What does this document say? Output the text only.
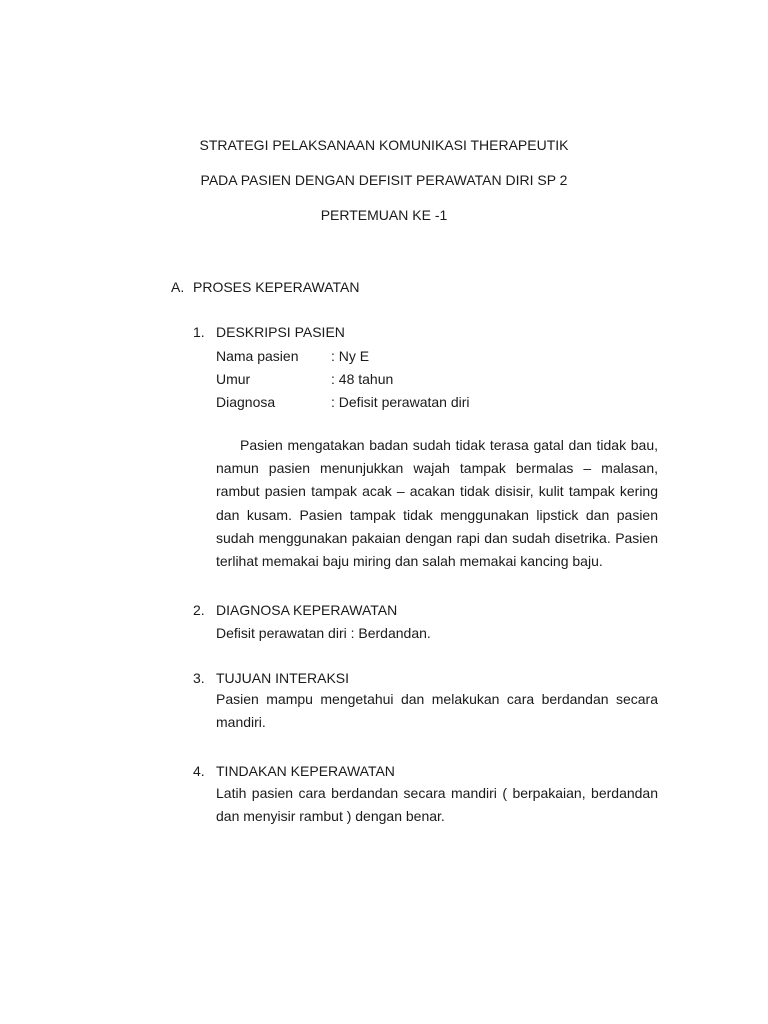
STRATEGI PELAKSANAAN KOMUNIKASI THERAPEUTIK
PADA PASIEN DENGAN DEFISIT PERAWATAN DIRI SP 2
PERTEMUAN KE -1
A. PROSES KEPERAWATAN
1. DESKRIPSI PASIEN
Nama pasien : Ny E
Umur	: 48 tahun
Diagnosa	: Defisit perawatan diri
Pasien mengatakan badan sudah tidak terasa gatal dan tidak bau, namun pasien menunjukkan wajah tampak bermalas – malasan, rambut pasien tampak acak – acakan tidak disisir, kulit tampak kering dan kusam. Pasien tampak tidak menggunakan lipstick dan pasien sudah menggunakan pakaian dengan rapi dan sudah disetrika. Pasien terlihat memakai baju miring dan salah memakai kancing baju.
2. DIAGNOSA KEPERAWATAN
Defisit perawatan diri : Berdandan.
3. TUJUAN INTERAKSI
Pasien mampu mengetahui dan melakukan cara berdandan secara mandiri.
4. TINDAKAN KEPERAWATAN
Latih pasien cara berdandan secara mandiri ( berpakaian, berdandan dan menyisir rambut ) dengan benar.
